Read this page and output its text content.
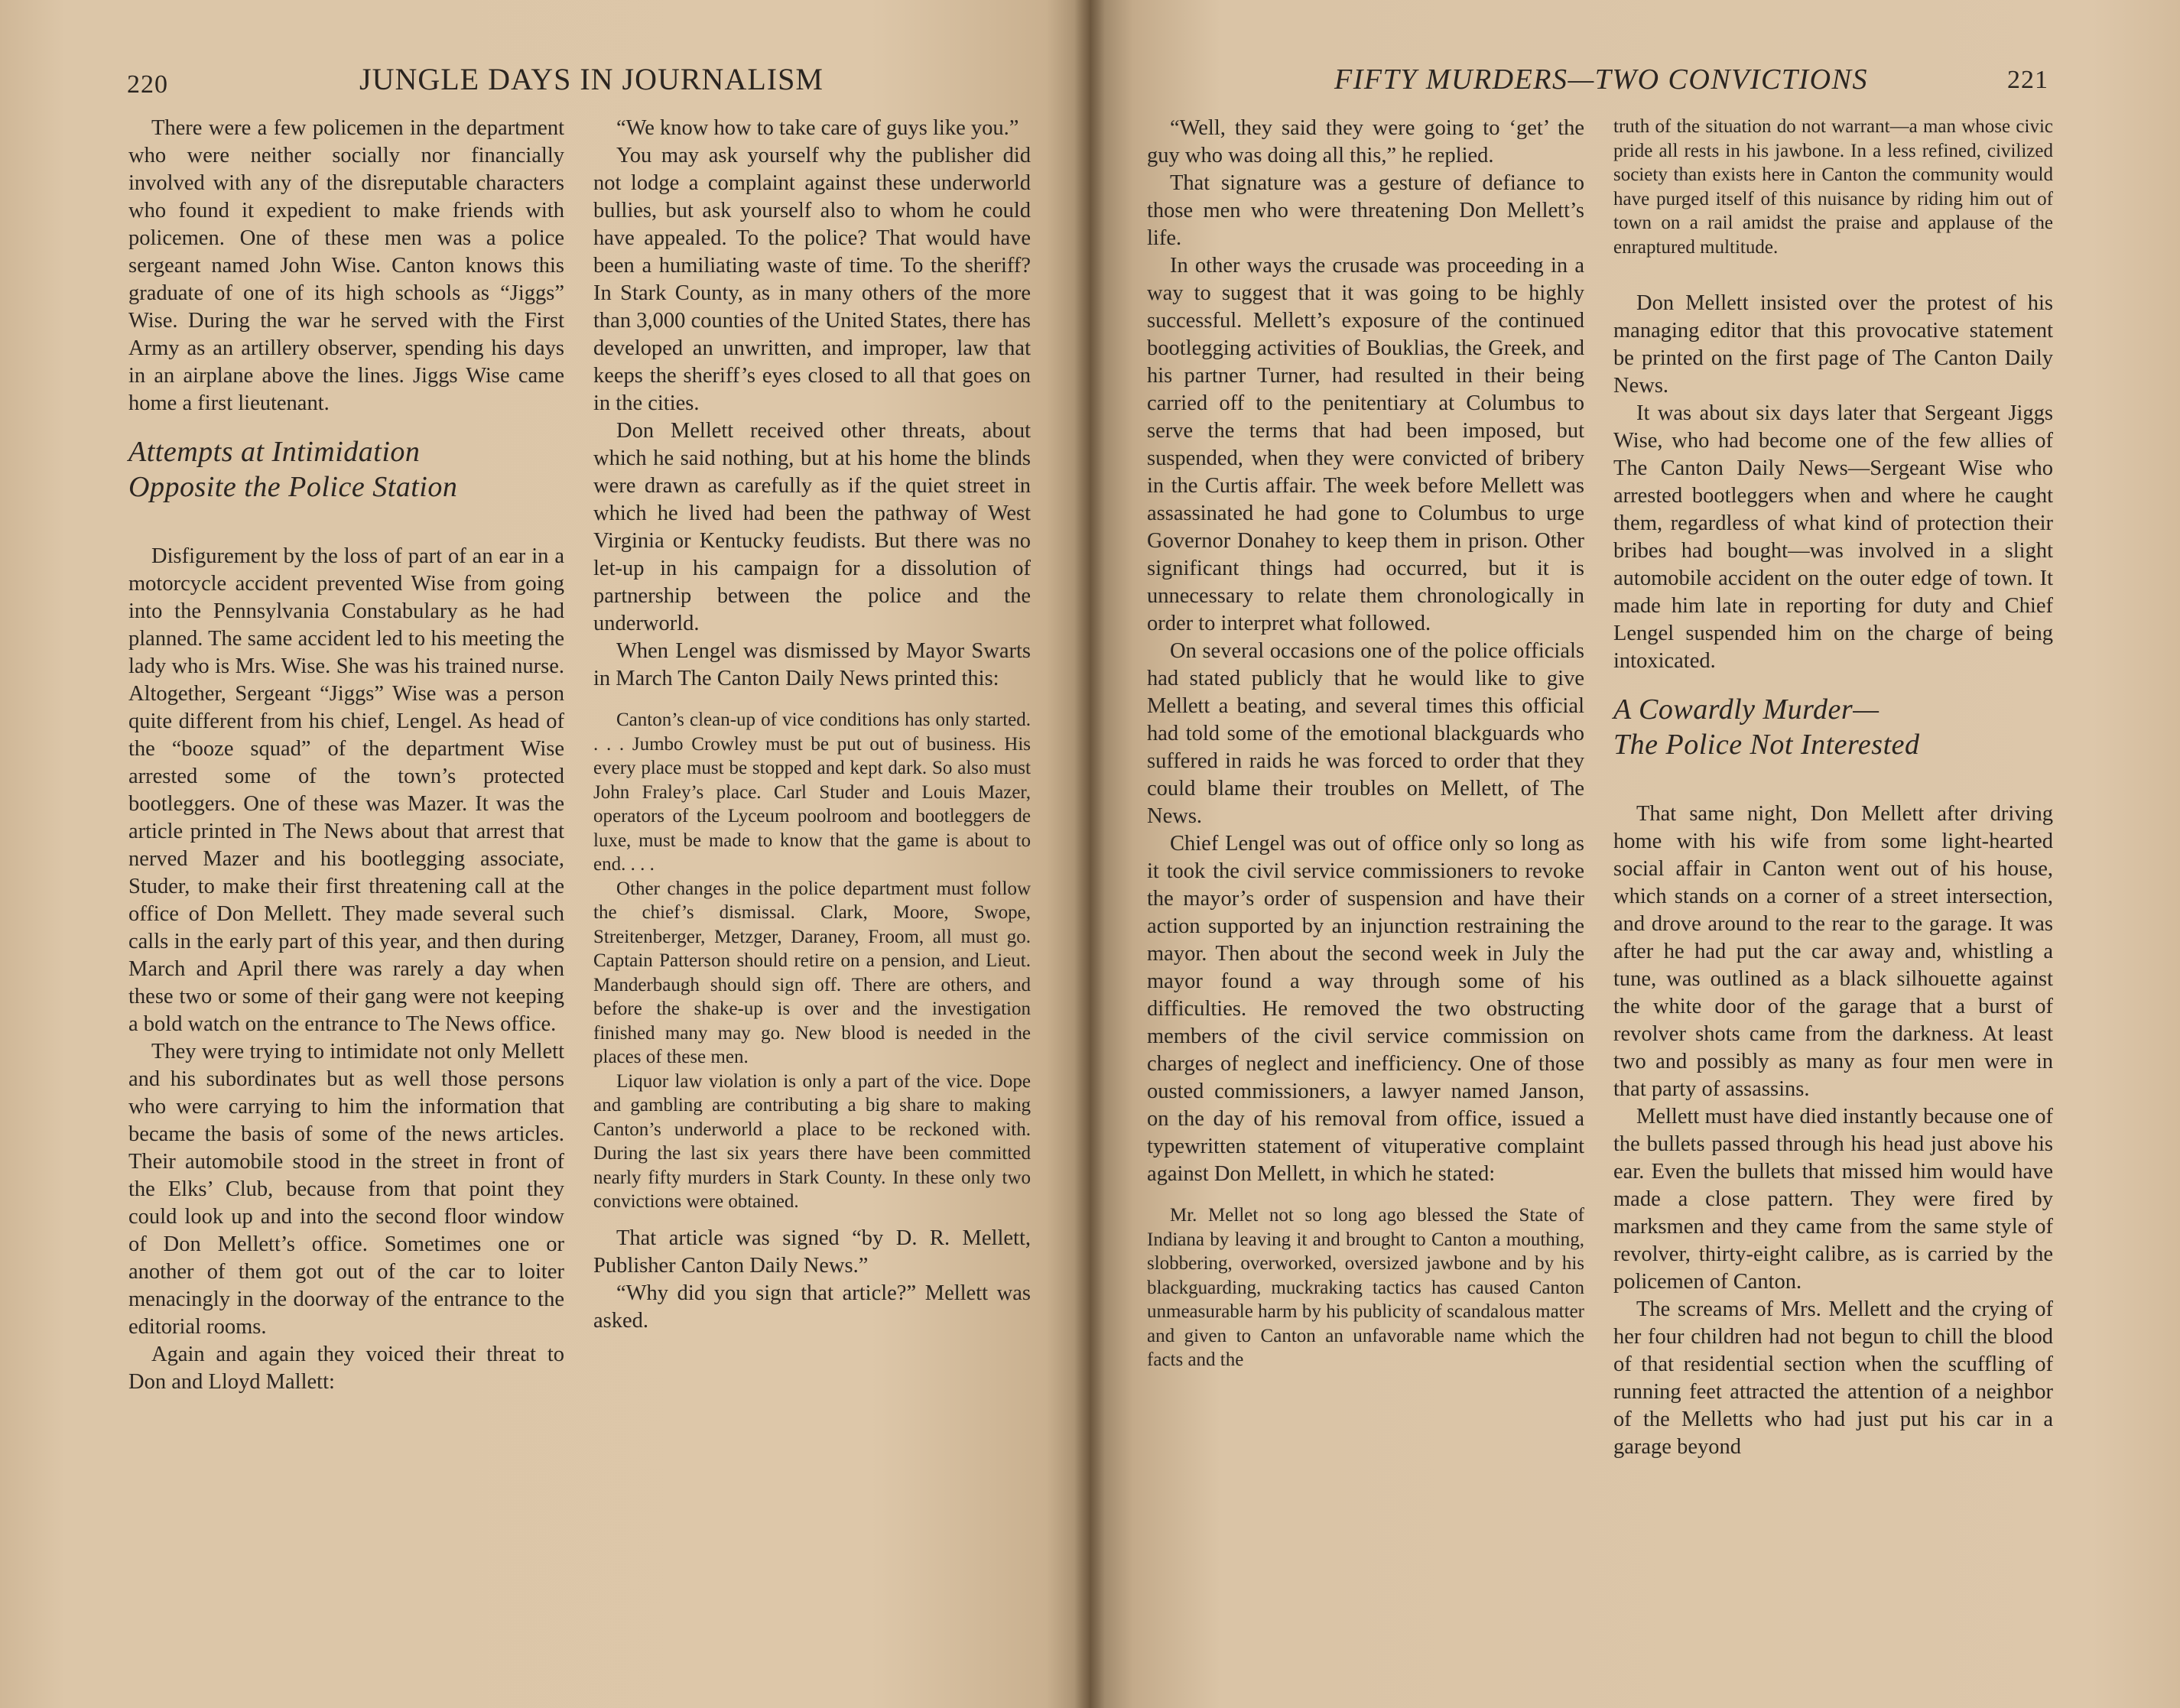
220	JUNGLE DAYS IN JOURNALISM

There were a few policemen in the department who were neither socially nor financially involved with any of the disreputable characters who found it expedient to make friends with policemen. One of these men was a police sergeant named John Wise. Canton knows this graduate of one of its high schools as “Jiggs” Wise. During the war he served with the First Army as an artillery observer, spending his days in an airplane above the lines. Jiggs Wise came home a first lieutenant.

Attempts at Intimidation
Opposite the Police Station

Disfigurement by the loss of part of an ear in a motorcycle accident prevented Wise from going into the Pennsylvania Constabulary as he had planned. The same accident led to his meeting the lady who is Mrs. Wise. She was his trained nurse. Altogether, Sergeant “Jiggs” Wise was a person quite different from his chief, Lengel. As head of the “booze squad” of the department Wise arrested some of the town’s protected bootleggers. One of these was Mazer. It was the article printed in The News about that arrest that nerved Mazer and his bootlegging associate, Studer, to make their first threatening call at the office of Don Mellett. They made several such calls in the early part of this year, and then during March and April there was rarely a day when these two or some of their gang were not keeping a bold watch on the entrance to The News office.

They were trying to intimidate not only Mellett and his subordinates but as well those persons who were carrying to him the information that became the basis of some of the news articles. Their automobile stood in the street in front of the Elks’ Club, because from that point they could look up and into the second floor window of Don Mellett’s office. Sometimes one or another of them got out of the car to loiter menacingly in the doorway of the entrance to the editorial rooms.

Again and again they voiced their threat to Don and Lloyd Mallett:

“We know how to take care of guys like you.”

You may ask yourself why the publisher did not lodge a complaint against these underworld bullies, but ask yourself also to whom he could have appealed. To the police? That would have been a humiliating waste of time. To the sheriff? In Stark County, as in many others of the more than 3,000 counties of the United States, there has developed an unwritten, and improper, law that keeps the sheriff’s eyes closed to all that goes on in the cities.

Don Mellett received other threats, about which he said nothing, but at his home the blinds were drawn as carefully as if the quiet street in which he lived had been the pathway of West Virginia or Kentucky feudists. But there was no let-up in his campaign for a dissolution of partnership between the police and the underworld.

When Lengel was dismissed by Mayor Swarts in March The Canton Daily News printed this:

Canton’s clean-up of vice conditions has only started. . . . Jumbo Crowley must be put out of business. His every place must be stopped and kept dark. So also must John Fraley’s place. Carl Studer and Louis Mazer, operators of the Lyceum poolroom and bootleggers de luxe, must be made to know that the game is about to end. . . .

Other changes in the police department must follow the chief’s dismissal. Clark, Moore, Swope, Streitenberger, Metzger, Daraney, Froom, all must go. Captain Patterson should retire on a pension, and Lieut. Manderbaugh should sign off. There are others, and before the shake-up is over and the investigation finished many may go. New blood is needed in the places of these men.

Liquor law violation is only a part of the vice. Dope and gambling are contributing a big share to making Canton’s underworld a place to be reckoned with. During the last six years there have been committed nearly fifty murders in Stark County. In these only two convictions were obtained.

That article was signed “by D. R. Mellett, Publisher Canton Daily News.”

“Why did you sign that article?” Mellett was asked.

FIFTY MURDERS—TWO CONVICTIONS	221

“Well, they said they were going to ‘get’ the guy who was doing all this,” he replied.

That signature was a gesture of defiance to those men who were threatening Don Mellett’s life.

In other ways the crusade was proceeding in a way to suggest that it was going to be highly successful. Mellett’s exposure of the continued bootlegging activities of Bouklias, the Greek, and his partner Turner, had resulted in their being carried off to the penitentiary at Columbus to serve the terms that had been imposed, but suspended, when they were convicted of bribery in the Curtis affair. The week before Mellett was assassinated he had gone to Columbus to urge Governor Donahey to keep them in prison. Other significant things had occurred, but it is unnecessary to relate them chronologically in order to interpret what followed.

On several occasions one of the police officials had stated publicly that he would like to give Mellett a beating, and several times this official had told some of the emotional blackguards who suffered in raids he was forced to order that they could blame their troubles on Mellett, of The News.

Chief Lengel was out of office only so long as it took the civil service commissioners to revoke the mayor’s order of suspension and have their action supported by an injunction restraining the mayor. Then about the second week in July the mayor found a way through some of his difficulties. He removed the two obstructing members of the civil service commission on charges of neglect and inefficiency. One of those ousted commissioners, a lawyer named Janson, on the day of his removal from office, issued a typewritten statement of vituperative complaint against Don Mellett, in which he stated:

Mr. Mellet not so long ago blessed the State of Indiana by leaving it and brought to Canton a mouthing, slobbering, overworked, oversized jawbone and by his blackguarding, muckraking tactics has caused Canton unmeasurable harm by his publicity of scandalous matter and given to Canton an unfavorable name which the facts and the

truth of the situation do not warrant—a man whose civic pride all rests in his jawbone. In a less refined, civilized society than exists here in Canton the community would have purged itself of this nuisance by riding him out of town on a rail amidst the praise and applause of the enraptured multitude.

Don Mellett insisted over the protest of his managing editor that this provocative statement be printed on the first page of The Canton Daily News.

It was about six days later that Sergeant Jiggs Wise, who had become one of the few allies of The Canton Daily News—Sergeant Wise who arrested bootleggers when and where he caught them, regardless of what kind of protection their bribes had bought—was involved in a slight automobile accident on the outer edge of town. It made him late in reporting for duty and Chief Lengel suspended him on the charge of being intoxicated.

A Cowardly Murder—
The Police Not Interested

That same night, Don Mellett after driving home with his wife from some light-hearted social affair in Canton went out of his house, which stands on a corner of a street intersection, and drove around to the rear to the garage. It was after he had put the car away and, whistling a tune, was outlined as a black silhouette against the white door of the garage that a burst of revolver shots came from the darkness. At least two and possibly as many as four men were in that party of assassins.

Mellett must have died instantly because one of the bullets passed through his head just above his ear. Even the bullets that missed him would have made a close pattern. They were fired by marksmen and they came from the same style of revolver, thirty-eight calibre, as is carried by the policemen of Canton.

The screams of Mrs. Mellett and the crying of her four children had not begun to chill the blood of that residential section when the scuffling of running feet attracted the attention of a neighbor of the Melletts who had just put his car in a garage beyond
